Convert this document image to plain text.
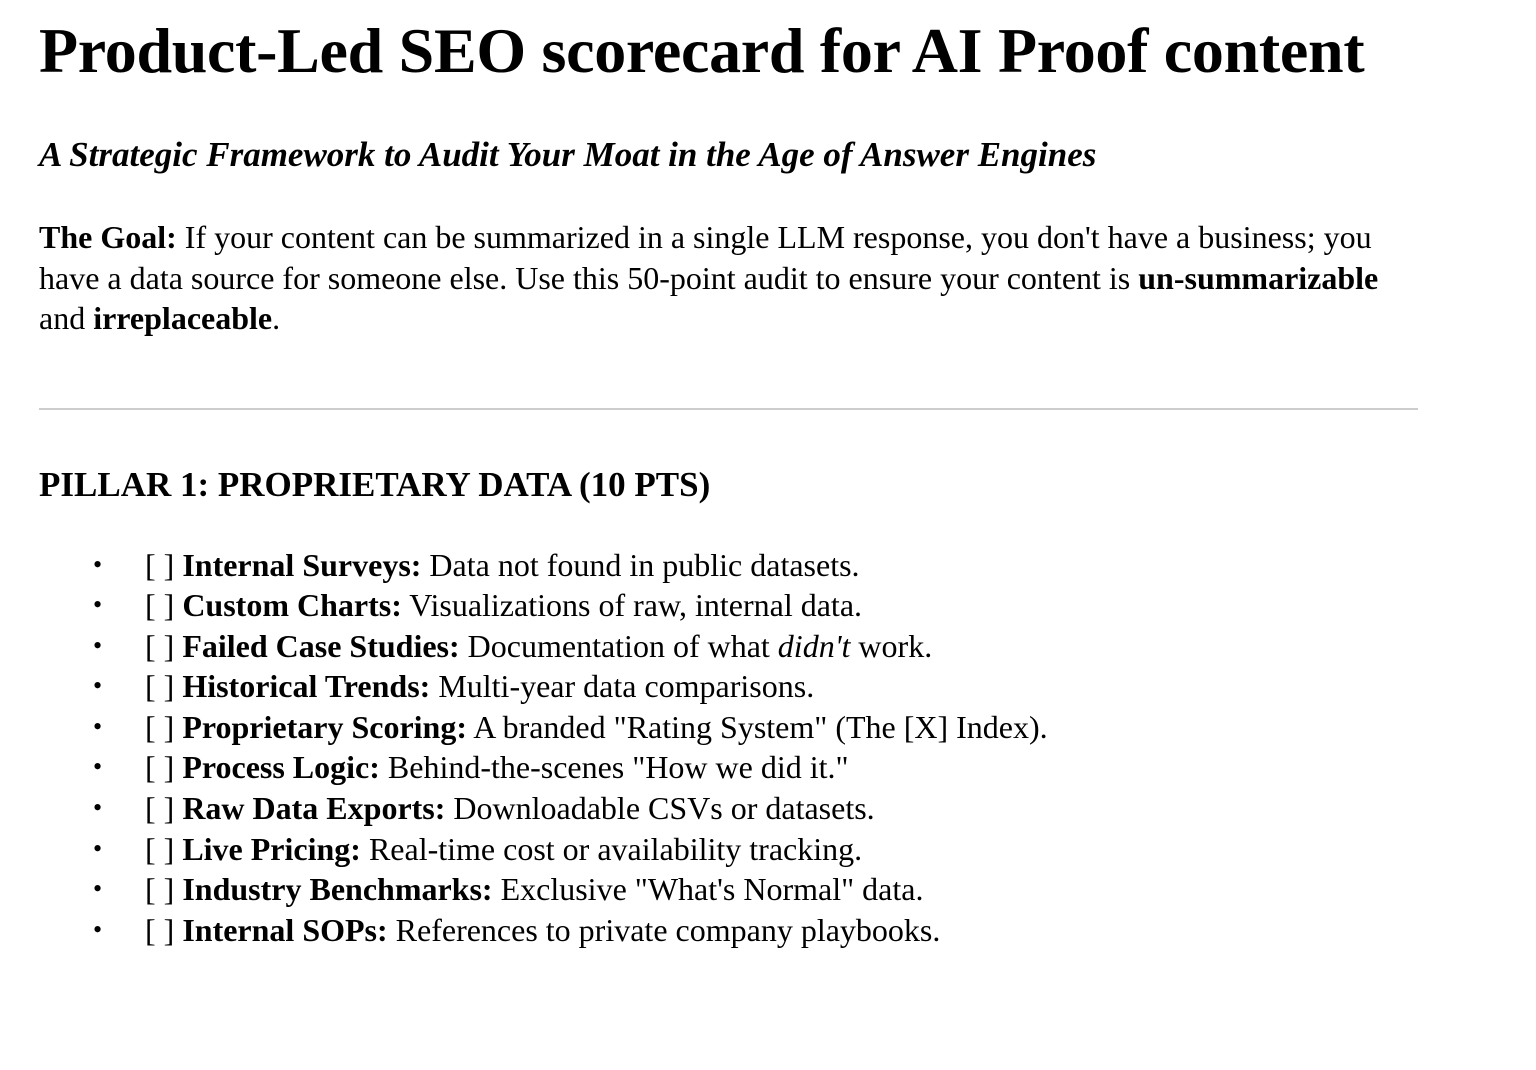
Product-Led SEO scorecard for AI Proof content
A Strategic Framework to Audit Your Moat in the Age of Answer Engines

The Goal: If your content can be summarized in a single LLM response, you don't have a business; you have a data source for someone else. Use this 50-point audit to ensure your content is un-summarizable and irreplaceable.

PILLAR 1: PROPRIETARY DATA (10 PTS)
• [ ] Internal Surveys: Data not found in public datasets.
• [ ] Custom Charts: Visualizations of raw, internal data.
• [ ] Failed Case Studies: Documentation of what didn't work.
• [ ] Historical Trends: Multi-year data comparisons.
• [ ] Proprietary Scoring: A branded "Rating System" (The [X] Index).
• [ ] Process Logic: Behind-the-scenes "How we did it."
• [ ] Raw Data Exports: Downloadable CSVs or datasets.
• [ ] Live Pricing: Real-time cost or availability tracking.
• [ ] Industry Benchmarks: Exclusive "What's Normal" data.
• [ ] Internal SOPs: References to private company playbooks.
